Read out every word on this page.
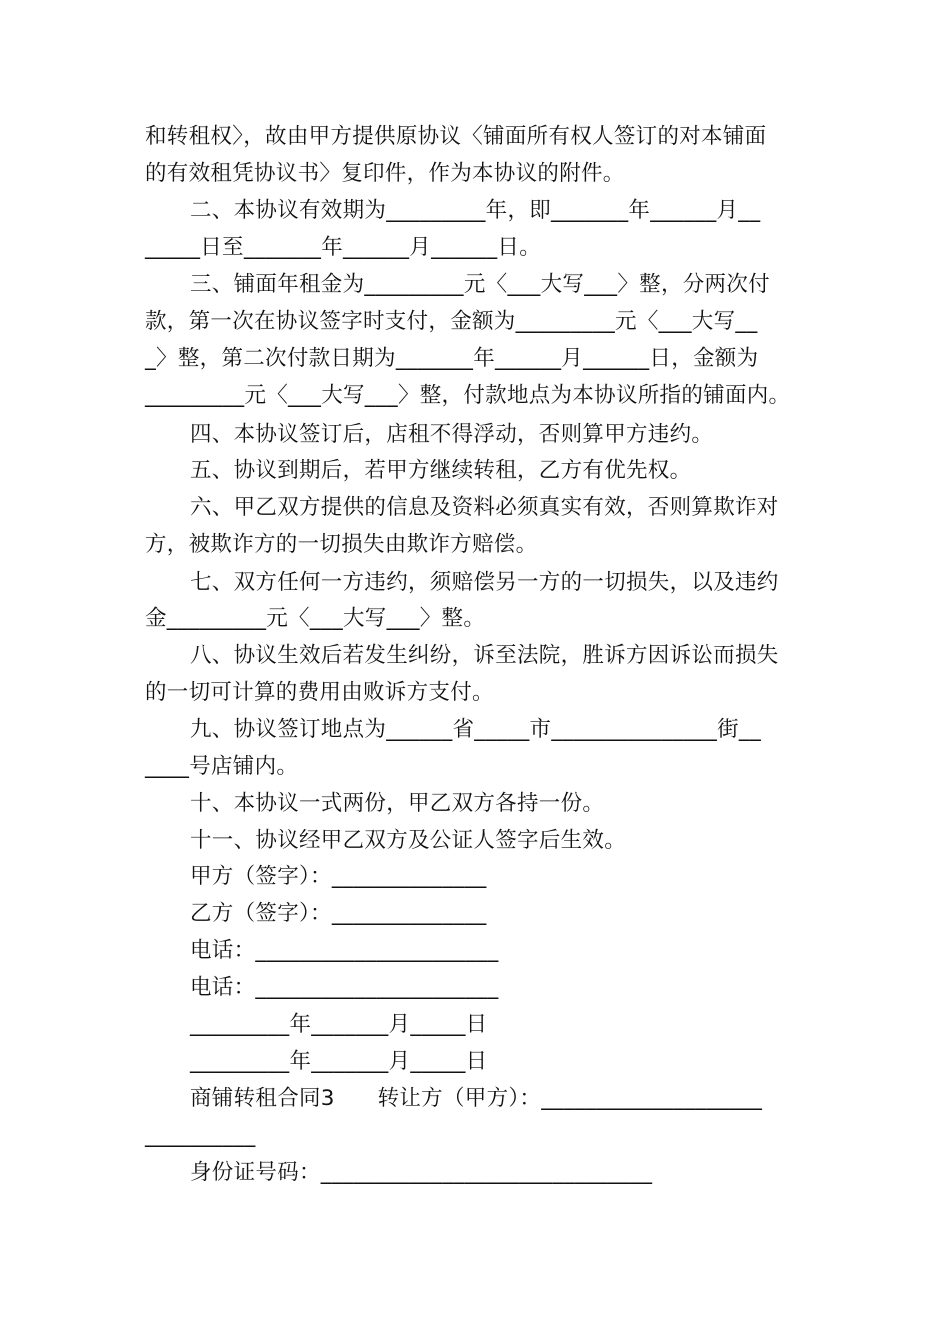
和转租权〉，故由甲方提供原协议〈铺面所有权人签订的对本铺面
的有效租凭协议书〉复印件，作为本协议的附件。
二、本协议有效期为_________年，即_______年______月__
_____日至_______年______月______日。
三、铺面年租金为_________元〈___大写___〉整，分两次付
款，第一次在协议签字时支付，金额为_________元〈___大写__
_〉整，第二次付款日期为_______年______月______日，金额为
_________元〈___大写___〉整，付款地点为本协议所指的铺面内。
四、本协议签订后，店租不得浮动，否则算甲方违约。
五、协议到期后，若甲方继续转租，乙方有优先权。
六、甲乙双方提供的信息及资料必须真实有效，否则算欺诈对
方，被欺诈方的一切损失由欺诈方赔偿。
七、双方任何一方违约，须赔偿另一方的一切损失，以及违约
金_________元〈___大写___〉整。
八、协议生效后若发生纠纷，诉至法院，胜诉方因诉讼而损失
的一切可计算的费用由败诉方支付。
九、协议签订地点为______省_____市_______________街__
____号店铺内。
十、本协议一式两份，甲乙双方各持一份。
十一、协议经甲乙双方及公证人签字后生效。
甲方（签字）：______________
乙方（签字）：______________
电话：______________________
电话：______________________
_________年_______月_____日
_________年_______月_____日
商铺转租合同3      转让方（甲方）：____________________
__________
身份证号码：______________________________
